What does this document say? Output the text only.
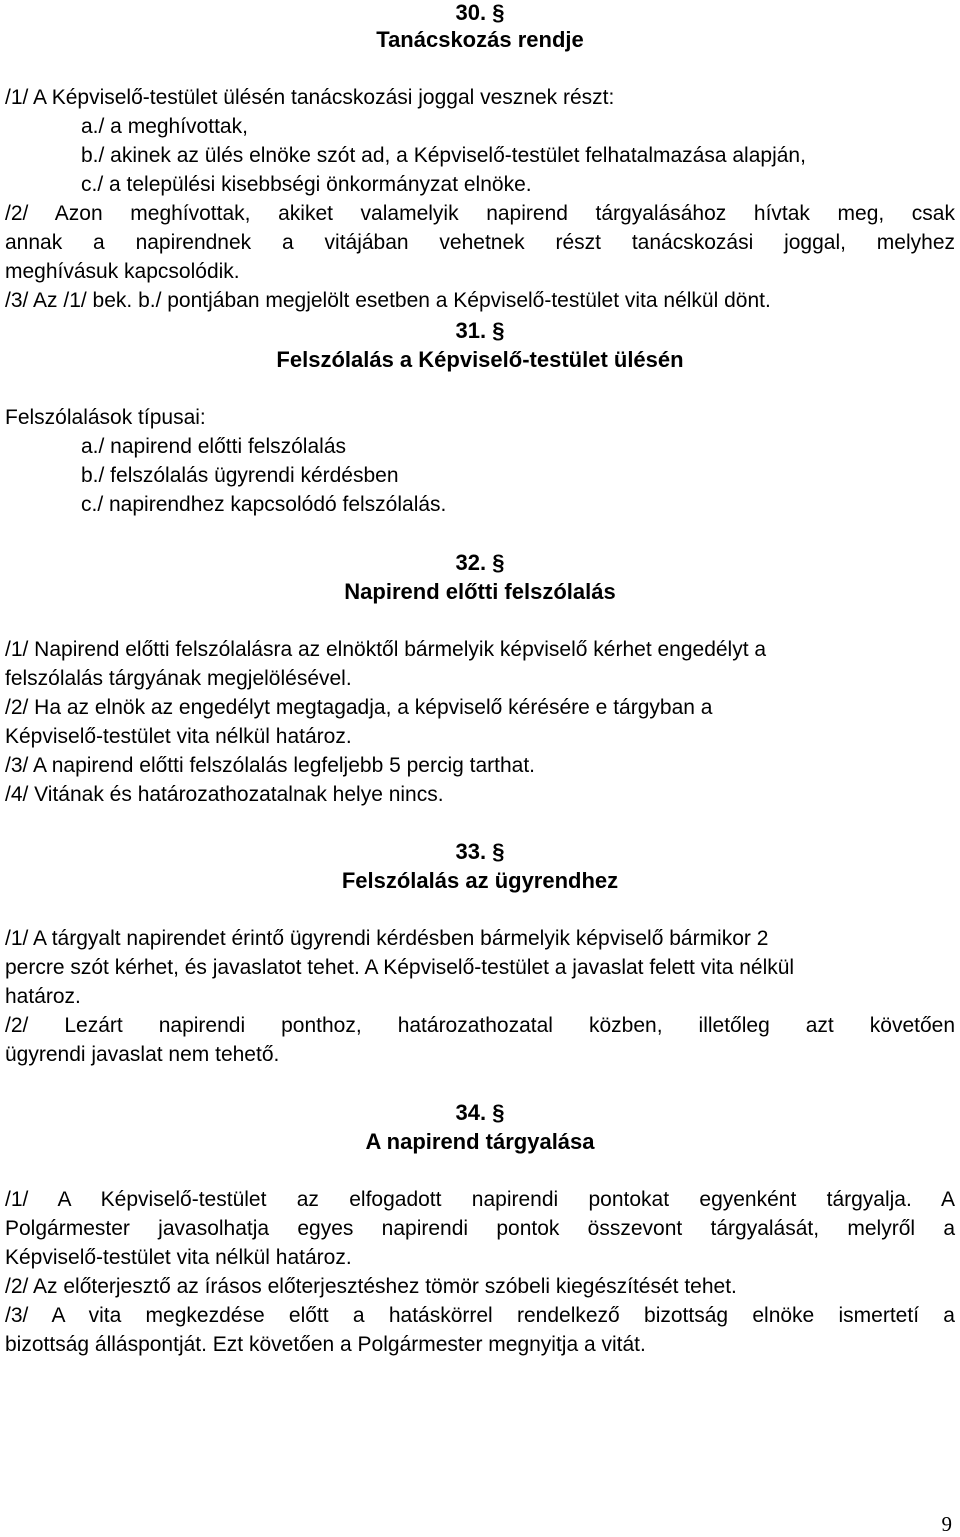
30. §
Tanácskozás rendje
/1/ A Képviselő-testület ülésén tanácskozási joggal vesznek részt:
a./ a meghívottak,
b./ akinek az ülés elnöke szót ad, a Képviselő-testület felhatalmazása alapján,
c./ a települési kisebbségi önkormányzat elnöke.
/2/ Azon meghívottak, akiket valamelyik napirend tárgyalásához hívtak meg, csak
annak a napirendnek a vitájában vehetnek részt tanácskozási joggal, melyhez
meghívásuk kapcsolódik.
/3/ Az /1/ bek. b./ pontjában megjelölt esetben a Képviselő-testület vita nélkül dönt.
31. §
Felszólalás a Képviselő-testület ülésén
Felszólalások típusai:
a./ napirend előtti felszólalás
b./ felszólalás ügyrendi kérdésben
c./ napirendhez kapcsolódó felszólalás.
32. §
Napirend előtti felszólalás
/1/ Napirend előtti felszólalásra az elnöktől bármelyik képviselő kérhet engedélyt a
felszólalás tárgyának megjelölésével.
/2/ Ha az elnök az engedélyt megtagadja, a képviselő kérésére e tárgyban a
Képviselő-testület vita nélkül határoz.
/3/ A napirend előtti felszólalás legfeljebb 5 percig tarthat.
/4/ Vitának és határozathozatalnak helye nincs.
33. §
Felszólalás az ügyrendhez
/1/ A tárgyalt napirendet érintő ügyrendi kérdésben bármelyik képviselő bármikor 2
percre szót kérhet, és javaslatot tehet. A Képviselő-testület a javaslat felett vita nélkül
határoz.
/2/ Lezárt napirendi ponthoz, határozathozatal közben, illetőleg azt követően
ügyrendi javaslat nem tehető.
34. §
A napirend tárgyalása
/1/ A Képviselő-testület az elfogadott napirendi pontokat egyenként tárgyalja. A
Polgármester javasolhatja egyes napirendi pontok összevont tárgyalását, melyről a
Képviselő-testület vita nélkül határoz.
/2/ Az előterjesztő az írásos előterjesztéshez tömör szóbeli kiegészítését tehet.
/3/ A vita megkezdése előtt a hatáskörrel rendelkező bizottság elnöke ismertetí a
bizottság álláspontját. Ezt követően a Polgármester megnyitja a vitát.
9
